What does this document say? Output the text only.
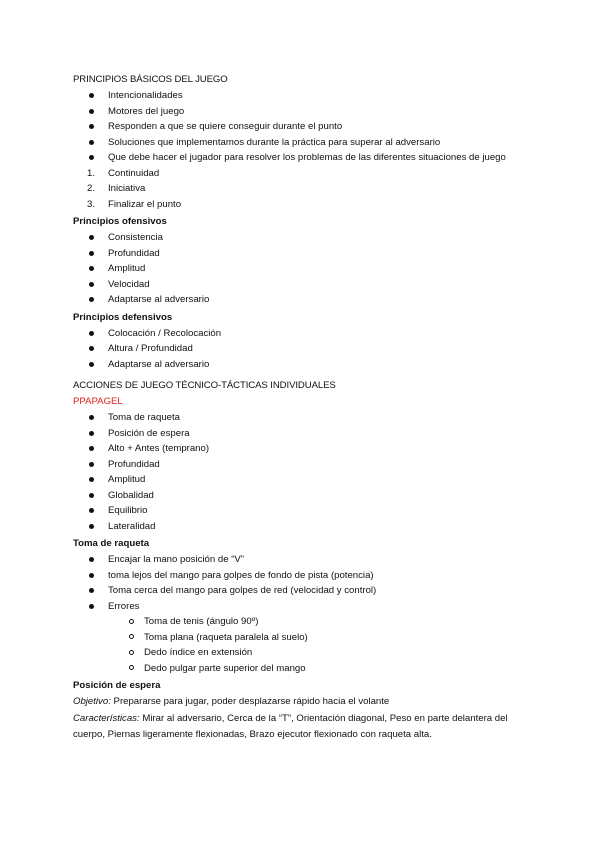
PRINCIPIOS BÁSICOS DEL JUEGO
Intencionalidades
Motores del juego
Responden a que se quiere conseguir durante el punto
Soluciones que implementamos durante la práctica para superar al adversario
Que debe hacer el jugador para resolver los problemas de las diferentes situaciones de juego
1.	Continuidad
2.	Iniciativa
3.	Finalizar el punto
Principios ofensivos
Consistencia
Profundidad
Amplitud
Velocidad
Adaptarse al adversario
Principios defensivos
Colocación / Recolocación
Altura / Profundidad
Adaptarse al adversario
ACCIONES DE JUEGO TÉCNICO-TÁCTICAS INDIVIDUALES
PPAPAGEL
Toma de raqueta
Posición de espera
Alto + Antes (temprano)
Profundidad
Amplitud
Globalidad
Equilibrio
Lateralidad
Toma de raqueta
Encajar la mano posición de “V”
toma lejos del mango para golpes de fondo de pista (potencia)
Toma cerca del mango para golpes de red (velocidad y control)
Errores
Toma de tenis (ángulo 90º)
Toma plana (raqueta paralela al suelo)
Dedo índice en extensión
Dedo pulgar parte superior del mango
Posición de espera

Objetivo: Prepararse para jugar, poder desplazarse rápido hacia el volante

Características: Mirar al adversario, Cerca de la “T”, Orientación diagonal, Peso en parte delantera del cuerpo, Piernas ligeramente flexionadas, Brazo ejecutor flexionado con raqueta alta.
